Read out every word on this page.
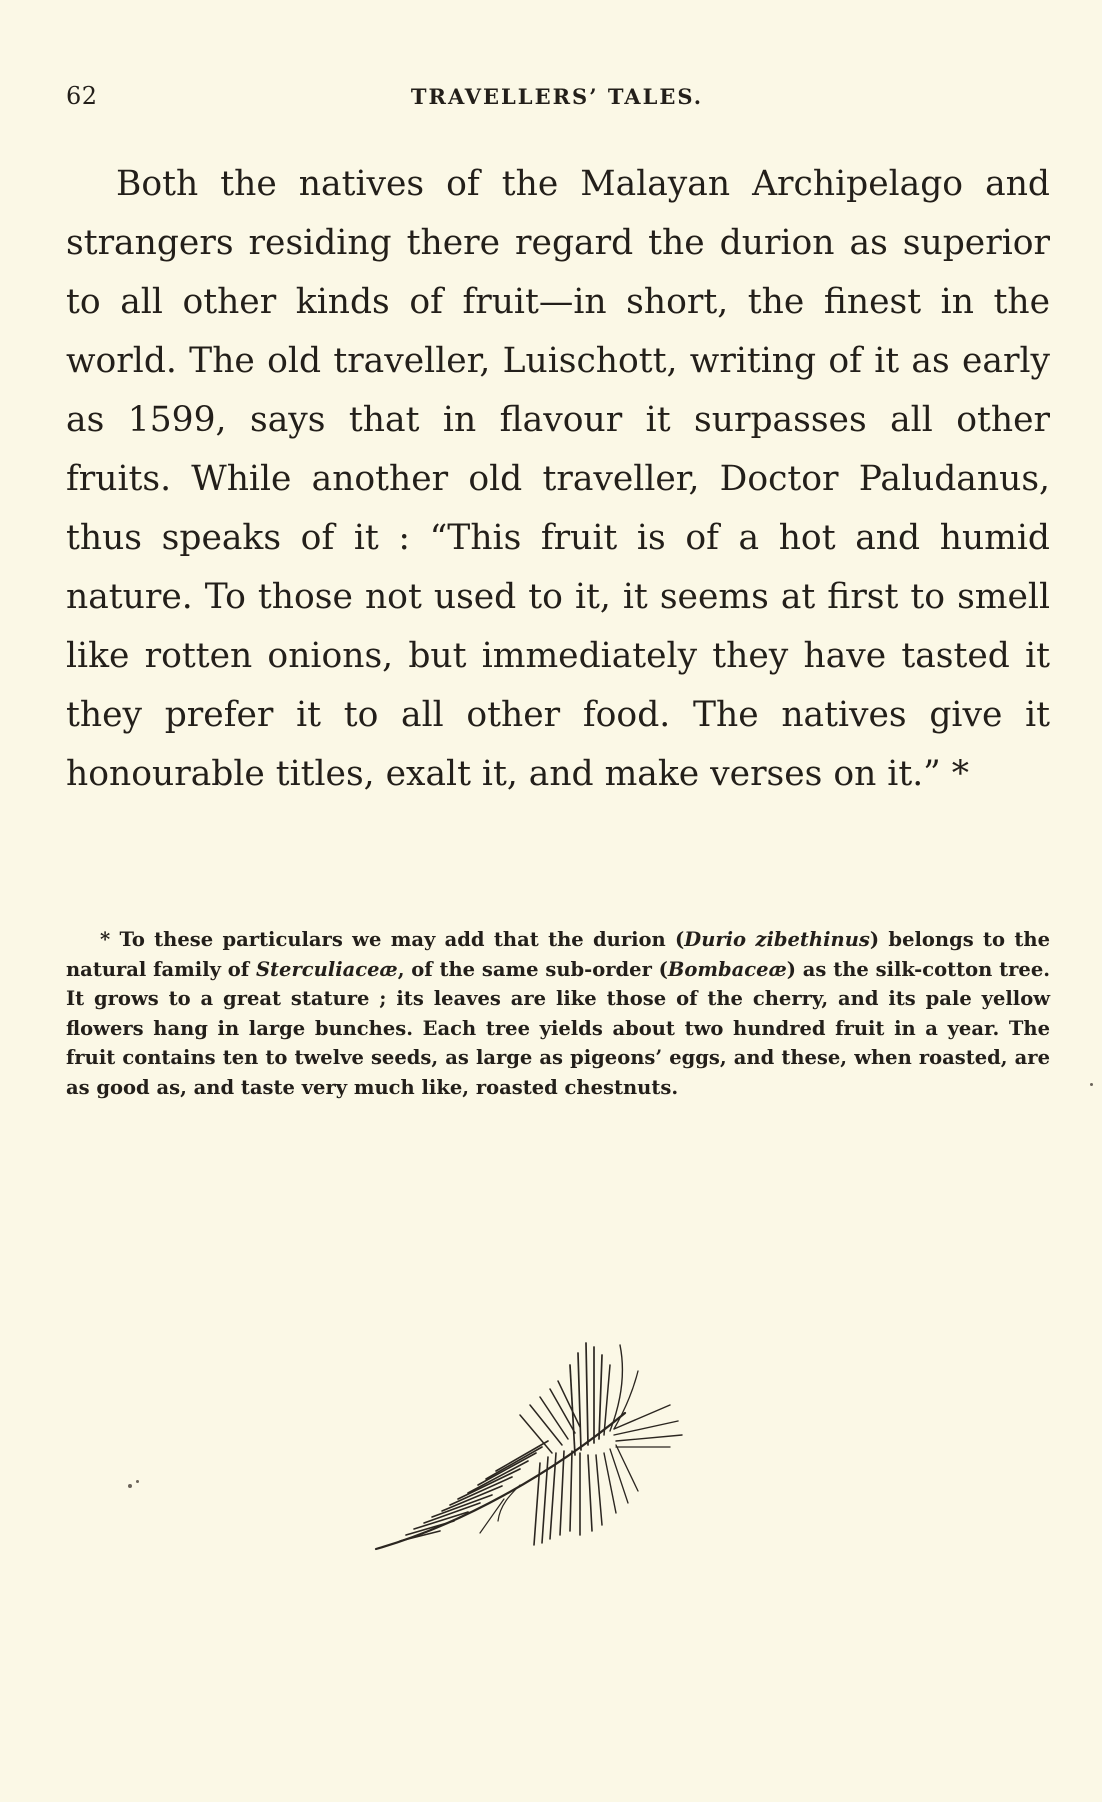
62	TRAVELLERS’ TALES.

Both the natives of the Malayan Archipelago and strangers residing there regard the durion as superior to all other kinds of fruit—in short, the finest in the world. The old traveller, Luischott, writing of it as early as 1599, says that in flavour it surpasses all other fruits. While another old traveller, Doctor Paludanus, thus speaks of it : “This fruit is of a hot and humid nature. To those not used to it, it seems at first to smell like rotten onions, but immediately they have tasted it they prefer it to all other food. The natives give it honourable titles, exalt it, and make verses on it.” *

* To these particulars we may add that the durion (Durio zibethinus) belongs to the natural family of Sterculiaceæ, of the same sub-order (Bombaceæ) as the silk-cotton tree. It grows to a great stature ; its leaves are like those of the cherry, and its pale yellow flowers hang in large bunches. Each tree yields about two hundred fruit in a year. The fruit contains ten to twelve seeds, as large as pigeons’ eggs, and these, when roasted, are as good as, and taste very much like, roasted chestnuts.
